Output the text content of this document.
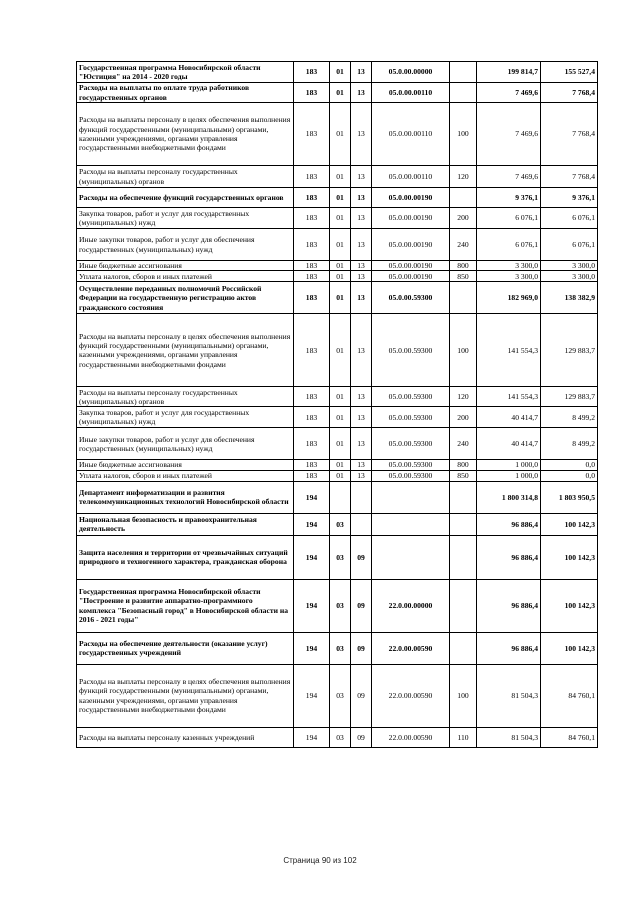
Государственная программа Новосибирской области "Юстиция" на 2014 - 2020 годы	183	01	13	05.0.00.00000		199 814,7	155 527,4
Расходы на выплаты по оплате труда работников государственных органов	183	01	13	05.0.00.00110		7 469,6	7 768,4
Расходы на выплаты персоналу в целях обеспечения выполнения функций государственными (муниципальными) органами, казенными учреждениями, органами управления государственными внебюджетными фондами	183	01	13	05.0.00.00110	100	7 469,6	7 768,4
Расходы на выплаты персоналу государственных (муниципальных) органов	183	01	13	05.0.00.00110	120	7 469,6	7 768,4
Расходы на обеспечение функций государственных органов	183	01	13	05.0.00.00190		9 376,1	9 376,1
Закупка товаров, работ и услуг для государственных (муниципальных) нужд	183	01	13	05.0.00.00190	200	6 076,1	6 076,1
Иные закупки товаров, работ и услуг для обеспечения государственных (муниципальных) нужд	183	01	13	05.0.00.00190	240	6 076,1	6 076,1
Иные бюджетные ассигнования	183	01	13	05.0.00.00190	800	3 300,0	3 300,0
Уплата налогов, сборов и иных платежей	183	01	13	05.0.00.00190	850	3 300,0	3 300,0
Осуществление переданных полномочий Российской Федерации на государственную регистрацию актов гражданского состояния	183	01	13	05.0.00.59300		182 969,0	138 382,9
Расходы на выплаты персоналу в целях обеспечения выполнения функций государственными (муниципальными) органами, казенными учреждениями, органами управления государственными внебюджетными фондами	183	01	13	05.0.00.59300	100	141 554,3	129 883,7
Расходы на выплаты персоналу государственных (муниципальных) органов	183	01	13	05.0.00.59300	120	141 554,3	129 883,7
Закупка товаров, работ и услуг для государственных (муниципальных) нужд	183	01	13	05.0.00.59300	200	40 414,7	8 499,2
Иные закупки товаров, работ и услуг для обеспечения государственных (муниципальных) нужд	183	01	13	05.0.00.59300	240	40 414,7	8 499,2
Иные бюджетные ассигнования	183	01	13	05.0.00.59300	800	1 000,0	0,0
Уплата налогов, сборов и иных платежей	183	01	13	05.0.00.59300	850	1 000,0	0,0
Департамент информатизации и развития телекоммуникационных технологий Новосибирской области	194					1 800 314,8	1 803 950,5
Национальная безопасность и правоохранительная деятельность	194	03				96 886,4	100 142,3
Защита населения и территории от чрезвычайных ситуаций природного и техногенного характера, гражданская оборона	194	03	09			96 886,4	100 142,3
Государственная программа Новосибирской области "Построение и развитие аппаратно-программного комплекса "Безопасный город" в Новосибирской области на 2016 - 2021 годы"	194	03	09	22.0.00.00000		96 886,4	100 142,3
Расходы на обеспечение деятельности (оказание услуг) государственных учреждений	194	03	09	22.0.00.00590		96 886,4	100 142,3
Расходы на выплаты персоналу в целях обеспечения выполнения функций государственными (муниципальными) органами, казенными учреждениями, органами управления государственными внебюджетными фондами	194	03	09	22.0.00.00590	100	81 504,3	84 760,1
Расходы на выплаты персоналу казенных учреждений	194	03	09	22.0.00.00590	110	81 504,3	84 760,1
Страница 90 из 102
